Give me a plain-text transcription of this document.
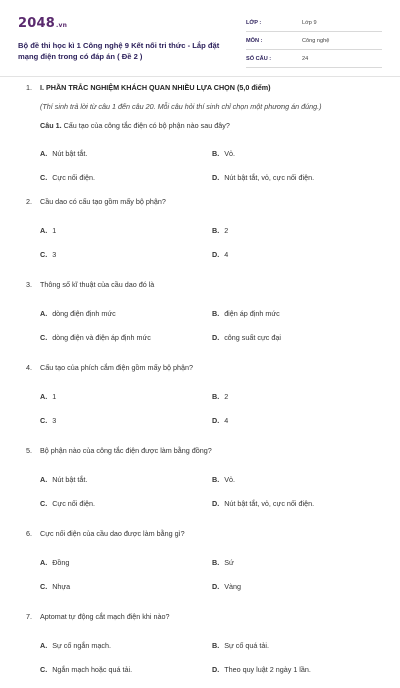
2048.vn
Bộ đề thi học kì 1 Công nghệ 9 Kết nối tri thức - Lắp đặt mạng điện trong có đáp án ( Đề 2 )
LỚP :	Lớp 9
MÔN :	Công nghệ
SỐ CÂU :	24
1. I. PHẦN TRẮC NGHIỆM KHÁCH QUAN NHIỀU LỰA CHỌN (5,0 điểm)
(Thí sinh trả lời từ câu 1 đến câu 20. Mỗi câu hỏi thí sinh chỉ chọn một phương án đúng.)
Câu 1. Cấu tạo của công tắc điện có bộ phận nào sau đây?
A. Nút bật tắt.	B. Vỏ.
C. Cực nối điện.	D. Nút bật tắt, vỏ, cực nối điện.
2. Cầu dao có cấu tạo gồm mấy bộ phận?
A. 1	B. 2
C. 3	D. 4
3. Thông số kĩ thuật của cầu dao đó là
A. dòng điện định mức	B. điện áp định mức
C. dòng điện và điện áp định mức	D. công suất cực đại
4. Cấu tạo của phích cắm điện gồm mấy bộ phận?
A. 1	B. 2
C. 3	D. 4
5. Bộ phận nào của công tắc điện được làm bằng đồng?
A. Nút bật tắt.	B. Vỏ.
C. Cực nối điện.	D. Nút bật tắt, vỏ, cực nối điện.
6. Cực nối điện của cầu dao được làm bằng gì?
A. Đồng	B. Sứ
C. Nhựa	D. Vàng
7. Aptomat tự động cắt mạch điện khi nào?
A. Sự cố ngắn mạch.	B. Sự cố quá tải.
C. Ngắn mạch hoặc quá tải.	D. Theo quy luật 2 ngày 1 lần.
